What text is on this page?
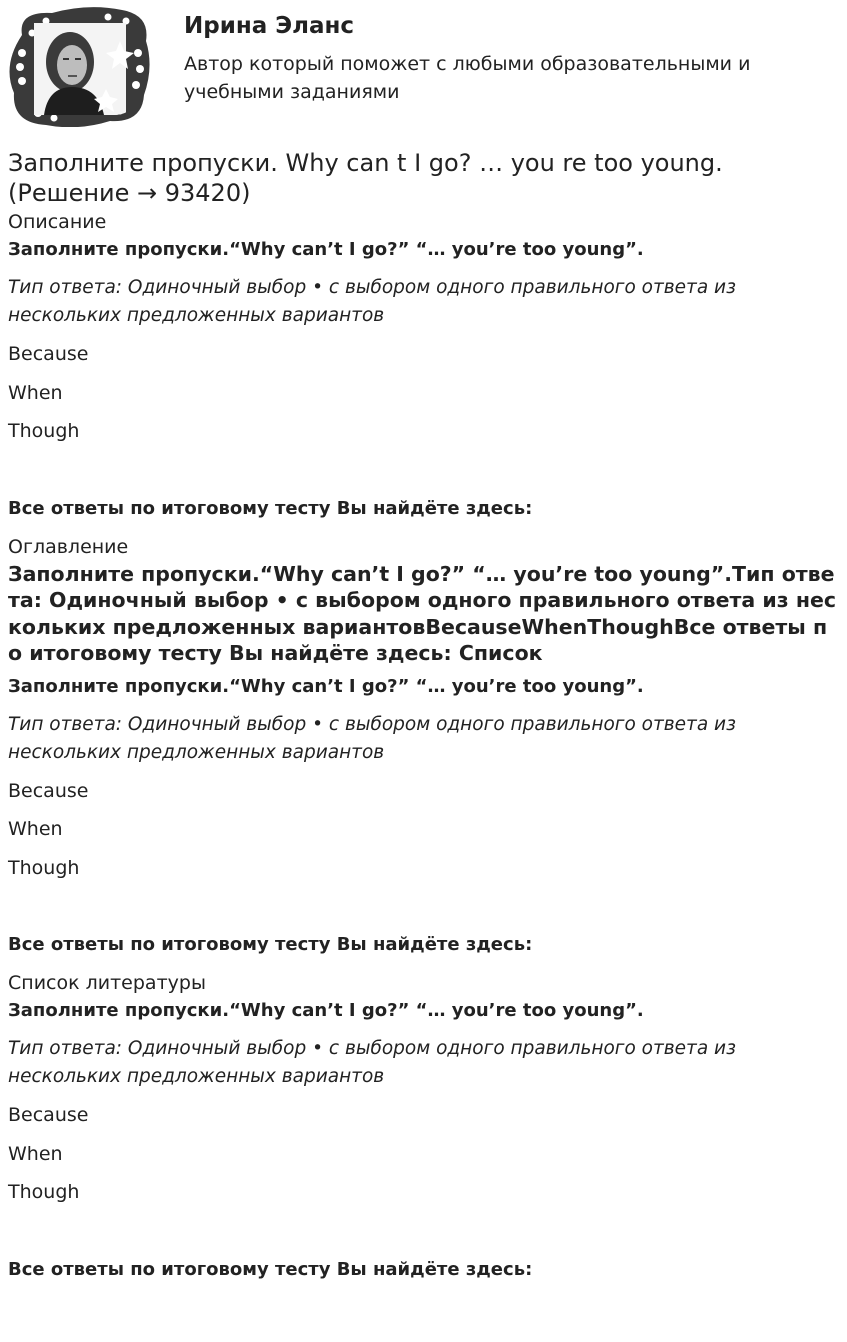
Ирина Эланс
Автор который поможет с любыми образовательными и учебными заданиями
Заполните пропуски. Why can t I go? … you re too young. (Решение → 93420)
Описание
Заполните пропуски.“Why can’t I go?” “… you’re too young”.
Тип ответа: Одиночный выбор • с выбором одного правильного ответа из нескольких предложенных вариантов
Because
When
Though
Все ответы по итоговому тесту Вы найдёте здесь:
Оглавление
Заполните пропуски.“Why can’t I go?” “… you’re too young”.Тип ответа: Одиночный выбор • с выбором одного правильного ответа из нескольких предложенных вариантовBecauseWhenThoughВсе ответы по итоговому тесту Вы найдёте здесь: Список
Заполните пропуски.“Why can’t I go?” “… you’re too young”.
Тип ответа: Одиночный выбор • с выбором одного правильного ответа из нескольких предложенных вариантов
Because
When
Though
Все ответы по итоговому тесту Вы найдёте здесь:
Список литературы
Заполните пропуски.“Why can’t I go?” “… you’re too young”.
Тип ответа: Одиночный выбор • с выбором одного правильного ответа из нескольких предложенных вариантов
Because
When
Though
Все ответы по итоговому тесту Вы найдёте здесь:
